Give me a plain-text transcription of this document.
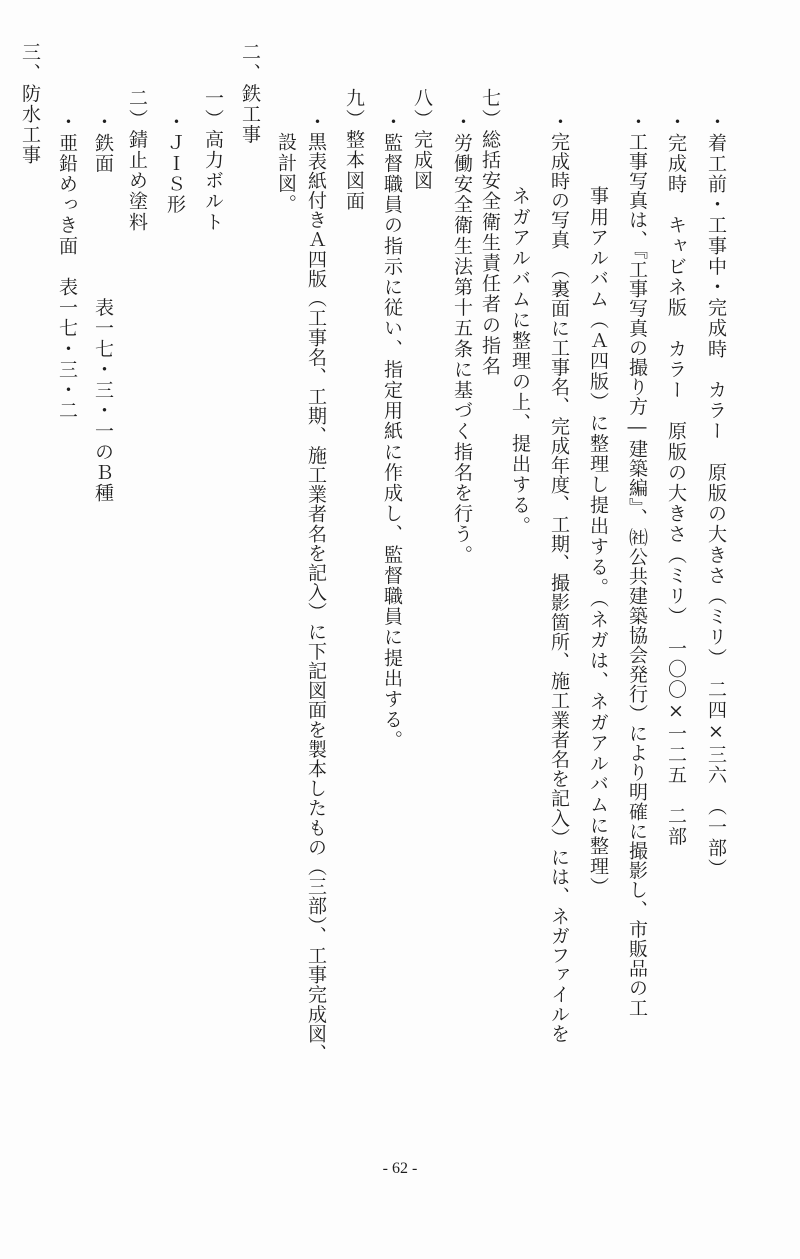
・着工前・工事中・完成時　カラー　原版の大きさ（ミリ）　二四×三六　（一部）
・完成時　キャビネ版　カラー　原版の大きさ（ミリ）　一〇〇×一二五　二部
・工事写真は、『工事写真の撮り方―建築編』、㈳公共建築協会発行）により明確に撮影し、市販品の工
事用アルバム（Ａ四版）に整理し提出する。（ネガは、ネガアルバムに整理）
・完成時の写真　（裏面に工事名、完成年度、工期、撮影箇所、施工業者名を記入）には、ネガファイルを
ネガアルバムに整理の上、提出する。
七）総括安全衛生責任者の指名
・労働安全衛生法第十五条に基づく指名を行う。
八）完成図
・監督職員の指示に従い、指定用紙に作成し、監督職員に提出する。
九）整本図面
・黒表紙付きＡ四版（工事名、工期、施工業者名を記入）に下記図面を製本したもの（三部）、工事完成図、
設計図。
二、鉄工事
一）高力ボルト
・ＪＩＳ形
二）錆止め塗料
・鉄面　　　　　　表一七・三・一のＢ種
・亜鉛めっき面　表一七・三・二
三、防水工事
- 62 -
